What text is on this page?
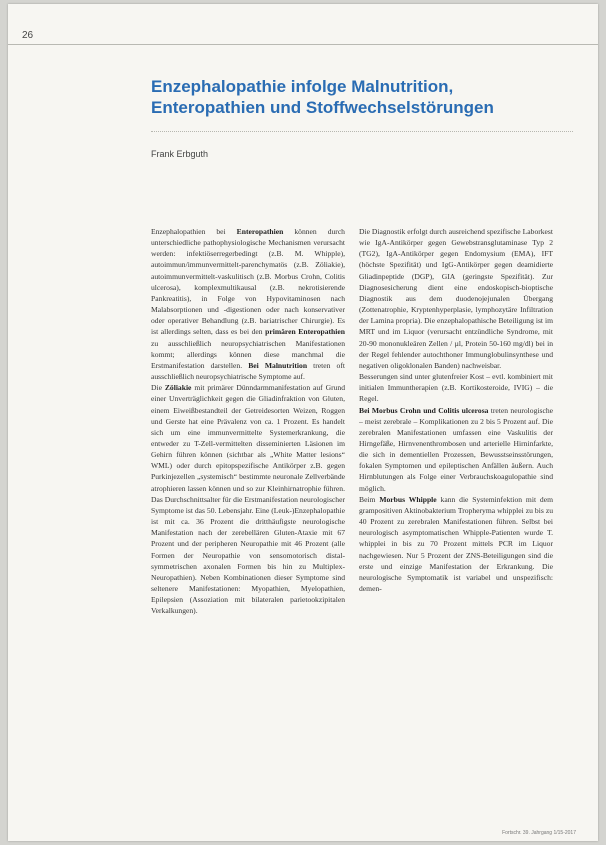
26
Enzephalopathie infolge Malnutrition,
Enteropathien und Stoffwechselstörungen
Frank Erbguth

Enzephalopathien bei Enteropathien können durch unterschiedliche pathophysiologische Mechanismen verursacht werden: infektiöserregerbedingt (z.B. M. Whipple), autoimmun/immunvermittelt-parenchymatös (z.B. Zöliakie), autoimmunvermittelt-vaskulitisch (z.B. Morbus Crohn, Colitis ulcerosa), komplexmultikausal (z.B. nekrotisierende Pankreatitis), in Folge von Hypovitaminosen nach Malabsorptionen und -digestionen oder nach konservativer oder operativer Behandlung (z.B. bariatrischer Chirurgie). Es ist allerdings selten, dass es bei den primären Enteropathien zu ausschließlich neuropsychiatrischen Manifestationen kommt; allerdings können diese manchmal die Erstmanifestation darstellen. Bei Malnutrition treten oft ausschließlich neuropsychiatrische Symptome auf.

Die Zöliakie mit primärer Dünndarmmanifestation auf Grund einer Unverträglichkeit gegen die Gliadinfraktion von Gluten, einem Eiweißbestandteil der Getreidesorten Weizen, Roggen und Gerste hat eine Prävalenz von ca. 1 Prozent. Es handelt sich um eine immunvermittelte Systemerkrankung, die entweder zu T-Zell-vermittelten disseminierten Läsionen im Gehirn führen können (sichtbar als „White Matter lesions“ WML) oder durch epitopspezifische Antikörper z.B. gegen Purkinjezellen „systemisch“ bestimmte neuronale Zellverbände atrophieren lassen können und so zur Kleinhirnatrophie führen. Das Durchschnittsalter für die Erstmanifestation neurologischer Symptome ist das 50. Lebensjahr. Eine (Leuk-)Enzephalopathie ist mit ca. 36 Prozent die dritthäufigste neurologische Manifestation nach der zerebellären Gluten-Ataxie mit 67 Prozent und der peripheren Neuropathie mit 46 Prozent (alle Formen der Neuropathie von sensomotorisch distal-symmetrischen axonalen Formen bis hin zu Multiplex-Neuropathien). Neben Kombinationen dieser Symptome sind seltenere Manifestationen: Myopathien, Myelopathien, Epilepsien (Assoziation mit bilateralen parietookzipitalen Verkalkungen).

Die Diagnostik erfolgt durch ausreichend spezifische Laborkest wie IgA-Antikörper gegen Gewebstransglutaminase Typ 2 (TG2), IgA-Antikörper gegen Endomysium (EMA), IFT (höchste Spezifität) und IgG-Antikörper gegen deamidierte Gliadinpeptide (DGP), GIA (geringste Spezifität). Zur Diagnosesicherung dient eine endoskopisch-bioptische Diagnostik aus dem duodenojejunalen Übergang (Zottenatrophie, Kryptenhyperplasie, lymphozytäre Infiltration der Lamina propria). Die enzephalopathische Beteiligung ist im MRT und im Liquor (verursacht entzündliche Syndrome, mit 20-90 mononukleären Zellen / µl, Protein 50-160 mg/dl) bei in der Regel fehlender autochthoner Immunglobulinsynthese und negativen oligoklonalen Banden) nachweisbar.

Besserungen sind unter glutenfreier Kost – evtl. kombiniert mit initialen Immuntherapien (z.B. Kortikosteroide, IVIG) – die Regel.

Bei Morbus Crohn und Colitis ulcerosa treten neurologische – meist zerebrale – Komplikationen zu 2 bis 5 Prozent auf. Die zerebralen Manifestationen umfassen eine Vaskulitis der Hirngefäße, Hirnvenenthrombosen und arterielle Hirninfarkte, die sich in dementiellen Prozessen, Bewusstseinsstörungen, fokalen Symptomen und epileptischen Anfällen äußern. Auch Hirnblutungen als Folge einer Verbrauchskoagulopathie sind möglich.

Beim Morbus Whipple kann die Systeminfektion mit dem grampositiven Aktinobakterium Tropheryma whipplei zu bis zu 40 Prozent zu zerebralen Manifestationen führen. Selbst bei neurologisch asymptomatischen Whipple-Patienten wurde T. whipplei in bis zu 70 Prozent mittels PCR im Liquor nachgewiesen. Nur 5 Prozent der ZNS-Beteiligungen sind die erste und einzige Manifestation der Erkrankung. Die neurologische Symptomatik ist variabel und unspezifisch: demen-

Fortschr. 39. Jahrgang 1/15-2017
